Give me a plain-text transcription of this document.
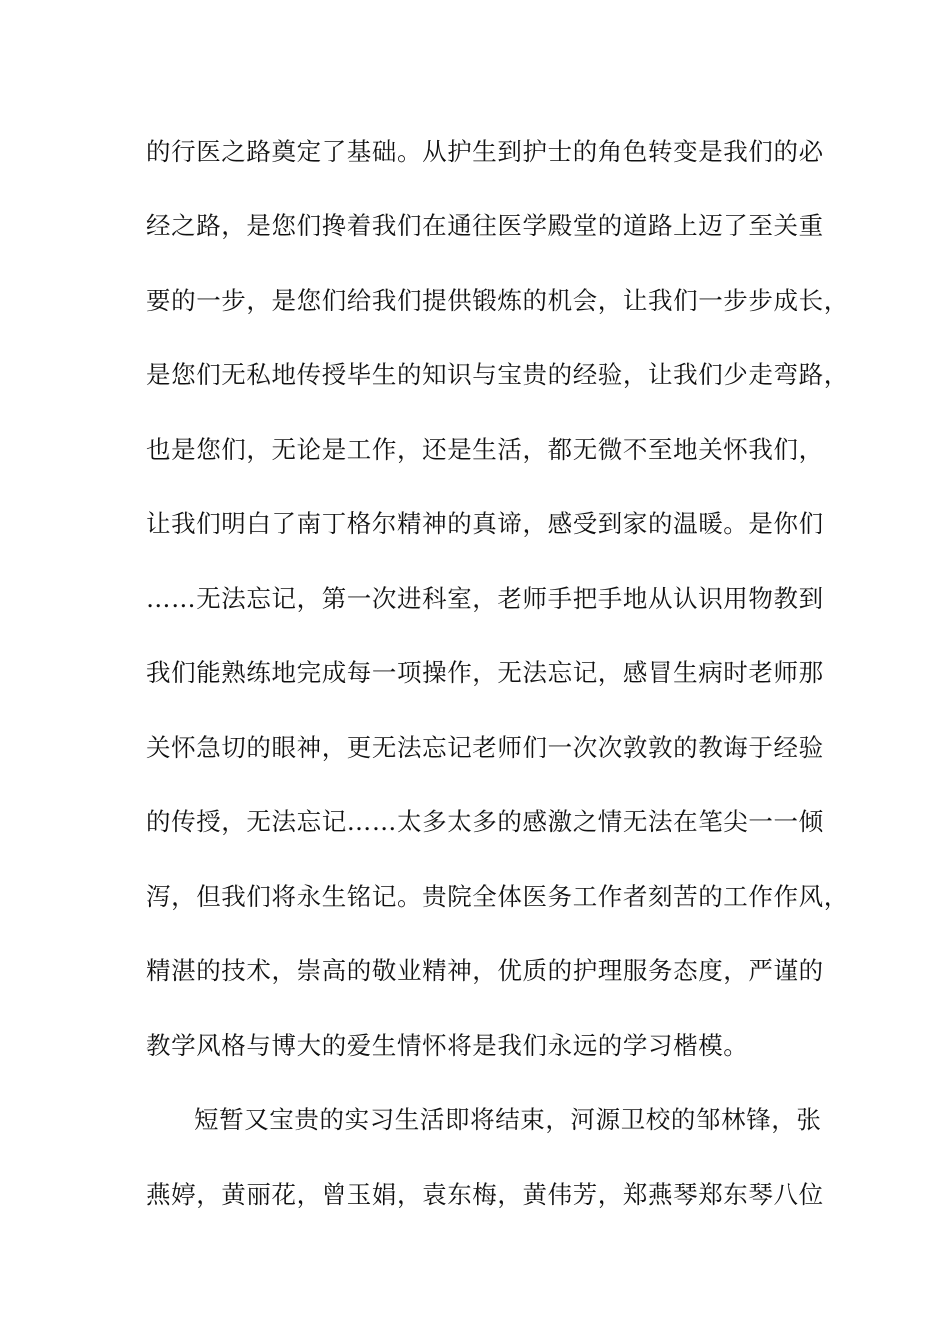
的行医之路奠定了基础。从护生到护士的角色转变是我们的必
经之路，是您们搀着我们在通往医学殿堂的道路上迈了至关重
要的一步，是您们给我们提供锻炼的机会，让我们一步步成长，
是您们无私地传授毕生的知识与宝贵的经验，让我们少走弯路，
也是您们，无论是工作，还是生活，都无微不至地关怀我们，
让我们明白了南丁格尔精神的真谛，感受到家的温暖。是你们
……无法忘记，第一次进科室，老师手把手地从认识用物教到
我们能熟练地完成每一项操作，无法忘记，感冒生病时老师那
关怀急切的眼神，更无法忘记老师们一次次敦敦的教诲于经验
的传授，无法忘记……太多太多的感激之情无法在笔尖一一倾
泻，但我们将永生铭记。贵院全体医务工作者刻苦的工作作风，
精湛的技术，崇高的敬业精神，优质的护理服务态度，严谨的
教学风格与博大的爱生情怀将是我们永远的学习楷模。
短暂又宝贵的实习生活即将结束，河源卫校的邹林锋，张
燕婷，黄丽花，曾玉娟，袁东梅，黄伟芳，郑燕琴郑东琴八位
